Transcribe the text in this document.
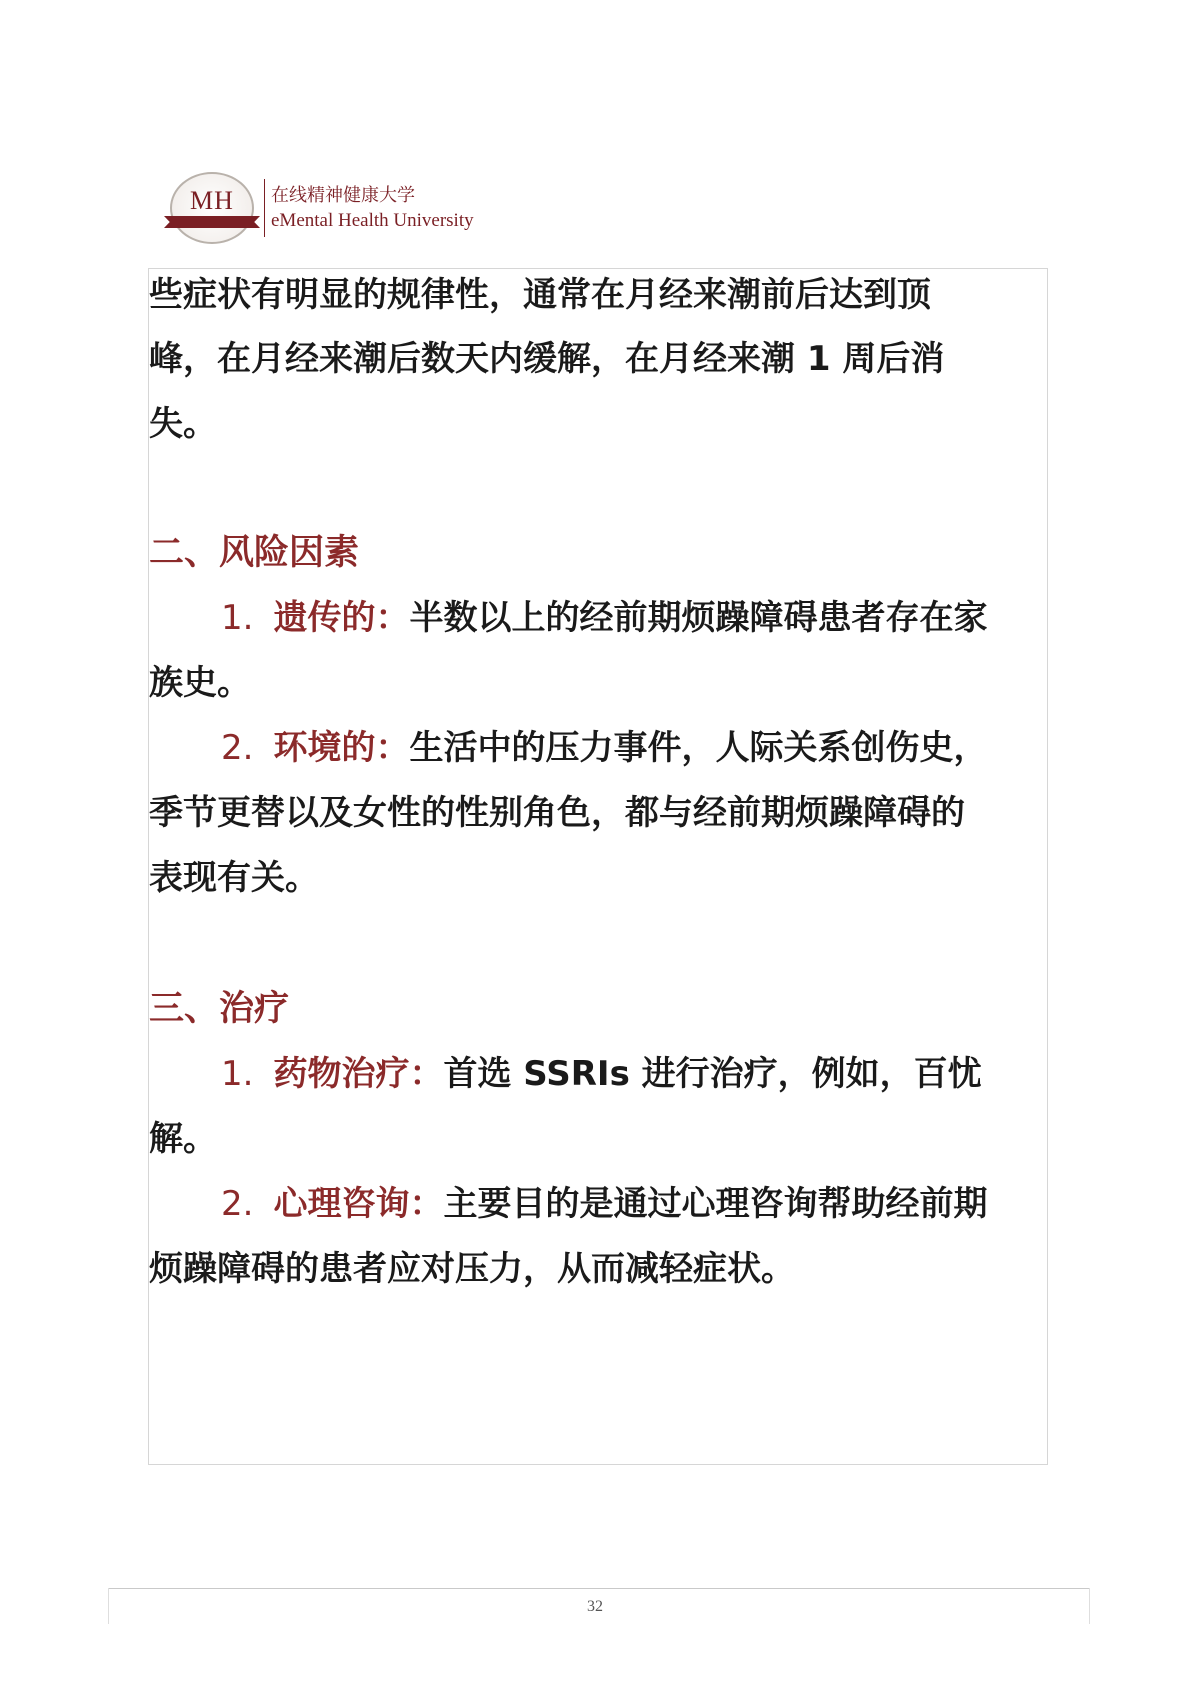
MH	在线精神健康大学
eMental Health University
些症状有明显的规律性，通常在月经来潮前后达到顶
峰，在月经来潮后数天内缓解，在月经来潮 1 周后消
失。
二、风险因素
1. 遗传的：半数以上的经前期烦躁障碍患者存在家
族史。
2. 环境的：生活中的压力事件，人际关系创伤史，
季节更替以及女性的性别角色，都与经前期烦躁障碍的
表现有关。
三、治疗
1. 药物治疗：首选 SSRIs 进行治疗，例如，百忧
解。
2. 心理咨询：主要目的是通过心理咨询帮助经前期
烦躁障碍的患者应对压力，从而减轻症状。
32
